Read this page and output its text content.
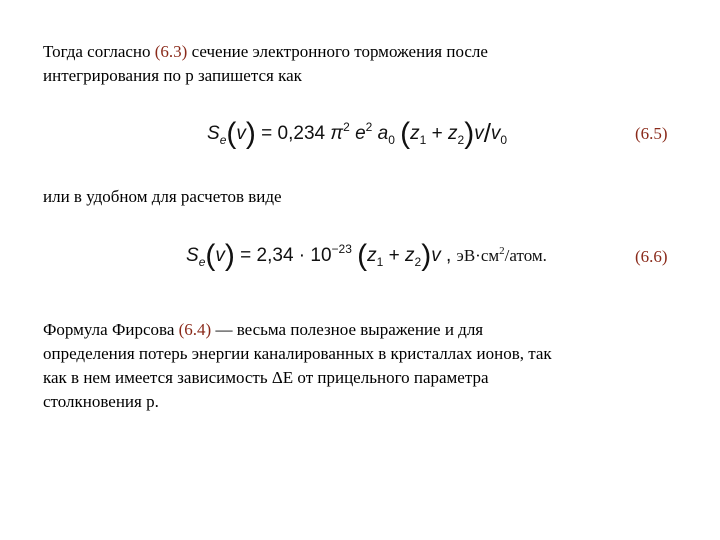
Тогда согласно (6.3) сечение электронного торможения после
интегрирования по p запишется как
$S_e(v) = 0,234$ $\pi^2$ $e^2$ $a_0$ $(z_1 + z_2)v/v_0$	(6.5)
или в удобном для расчетов виде
$S_e(v) = 2,34 \cdot 10^{-23}$ $(z_1 + z_2)v$ , $эВ\cdot см^2$/атом.	(6.6)
Формула Фирсова (6.4) — весьма полезное выражение и для
определения потерь энергии каналированных в кристаллах ионов, так
как в нем имеется зависимость ΔE от прицельного параметра
столкновения p.
